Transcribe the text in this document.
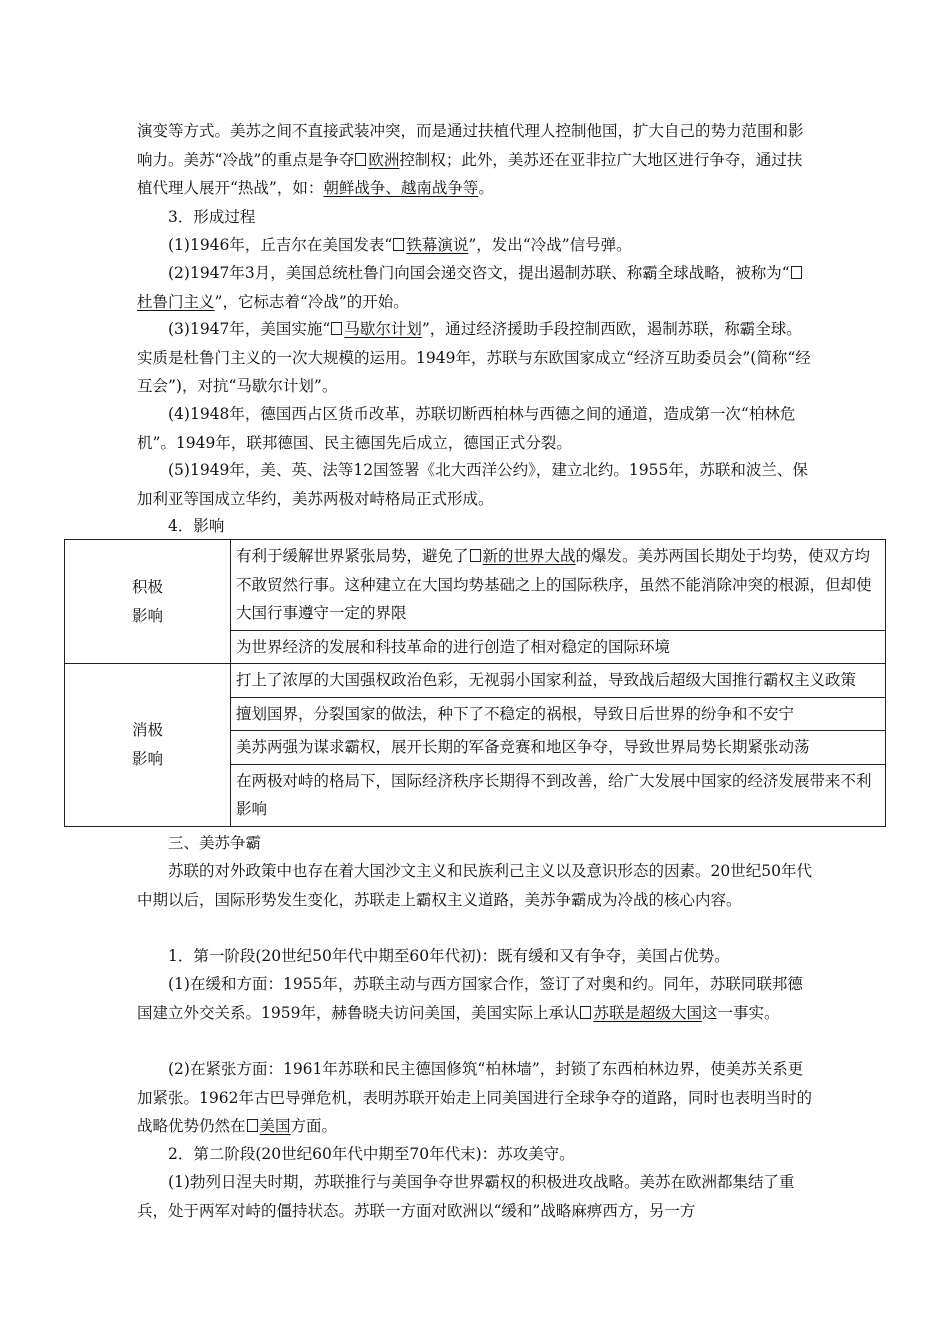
演变等方式。美苏之间不直接武装冲突，而是通过扶植代理人控制他国，扩大自己的势力范围和影响力。美苏“冷战”的重点是争夺 欧洲控制权；此外，美苏还在亚非拉广大地区进行争夺，通过扶植代理人展开“热战”，如：朝鲜战争、越南战争等。

3．形成过程

(1)1946年，丘吉尔在美国发表“ 铁幕演说”，发出“冷战”信号弹。

(2)1947年3月，美国总统杜鲁门向国会递交咨文，提出遏制苏联、称霸全球战略，被称为“杜鲁门主义”，它标志着“冷战”的开始。

(3)1947年，美国实施“ 马歇尔计划”，通过经济援助手段控制西欧，遏制苏联，称霸全球。实质是杜鲁门主义的一次大规模的运用。1949年，苏联与东欧国家成立“经济互助委员会”(简称“经互会”)，对抗“马歇尔计划”。

(4)1948年，德国西占区货币改革，苏联切断西柏林与西德之间的通道，造成第一次“柏林危机”。1949年，联邦德国、民主德国先后成立，德国正式分裂。

(5)1949年，美、英、法等12国签署《北大西洋公约》，建立北约。1955年，苏联和波兰、保加利亚等国成立华约，美苏两极对峙格局正式形成。

4．影响

积极
影响	有利于缓解世界紧张局势，避免了 新的世界大战的爆发。美苏两国长期处于均势，使双方均不敢贸然行事。这种建立在大国均势基础之上的国际秩序，虽然不能消除冲突的根源，但却使大国行事遵守一定的界限
	为世界经济的发展和科技革命的进行创造了相对稳定的国际环境
消极
影响	打上了浓厚的大国强权政治色彩，无视弱小国家利益，导致战后超级大国推行霸权主义政策
	擅划国界，分裂国家的做法，种下了不稳定的祸根，导致日后世界的纷争和不安宁
	美苏两强为谋求霸权，展开长期的军备竞赛和地区争夺，导致世界局势长期紧张动荡
	在两极对峙的格局下，国际经济秩序长期得不到改善，给广大发展中国家的经济发展带来不利影响

三、美苏争霸

苏联的对外政策中也存在着大国沙文主义和民族利己主义以及意识形态的因素。20世纪50年代中期以后，国际形势发生变化，苏联走上霸权主义道路，美苏争霸成为冷战的核心内容。

1．第一阶段(20世纪50年代中期至60年代初)：既有缓和又有争夺，美国占优势。

(1)在缓和方面：1955年，苏联主动与西方国家合作，签订了对奥和约。同年，苏联同联邦德国建立外交关系。1959年，赫鲁晓夫访问美国，美国实际上承认 苏联是超级大国这一事实。

(2)在紧张方面：1961年苏联和民主德国修筑“柏林墙”，封锁了东西柏林边界，使美苏关系更加紧张。1962年古巴导弹危机，表明苏联开始走上同美国进行全球争夺的道路，同时也表明当时的战略优势仍然在 美国方面。

2．第二阶段(20世纪60年代中期至70年代末)：苏攻美守。

(1)勃列日涅夫时期，苏联推行与美国争夺世界霸权的积极进攻战略。美苏在欧洲都集结了重兵，处于两军对峙的僵持状态。苏联一方面对欧洲以“缓和”战略麻痹西方，另一方
